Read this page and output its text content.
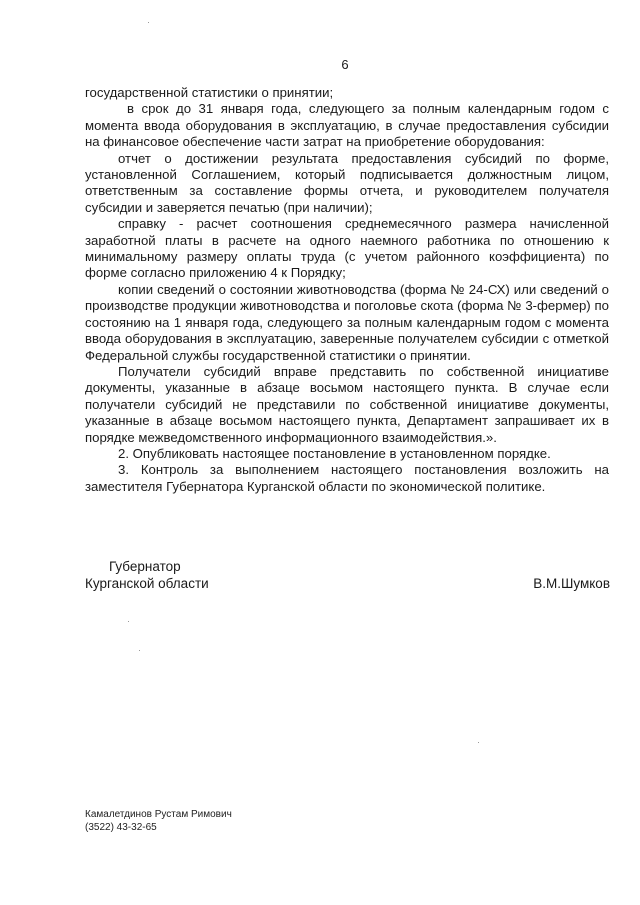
6

государственной статистики о принятии;

в срок до 31 января года, следующего за полным календарным годом с момента ввода оборудования в эксплуатацию, в случае предоставления субсидии на финансовое обеспечение части затрат на приобретение оборудования:

отчет о достижении результата предоставления субсидий по форме, установленной Соглашением, который подписывается должностным лицом, ответственным за составление формы отчета, и руководителем получателя субсидии и заверяется печатью (при наличии);

справку - расчет соотношения среднемесячного размера начисленной заработной платы в расчете на одного наемного работника по отношению к минимальному размеру оплаты труда (с учетом районного коэффициента) по форме согласно приложению 4 к Порядку;

копии сведений о состоянии животноводства (форма № 24-СХ) или сведений о производстве продукции животноводства и поголовье скота (форма № 3-фермер) по состоянию на 1 января года, следующего за полным календарным годом с момента ввода оборудования в эксплуатацию, заверенные получателем субсидии с отметкой Федеральной службы государственной статистики о принятии.

Получатели субсидий вправе представить по собственной инициативе документы, указанные в абзаце восьмом настоящего пункта. В случае если получатели субсидий не представили по собственной инициативе документы, указанные в абзаце восьмом настоящего пункта, Департамент запрашивает их в порядке межведомственного информационного взаимодействия.».

2. Опубликовать настоящее постановление в установленном порядке.

3. Контроль за выполнением настоящего постановления возложить на заместителя Губернатора Курганской области по экономической политике.

Губернатор
Курганской области	В.М.Шумков
Камалетдинов Рустам Римович
(3522) 43-32-65
